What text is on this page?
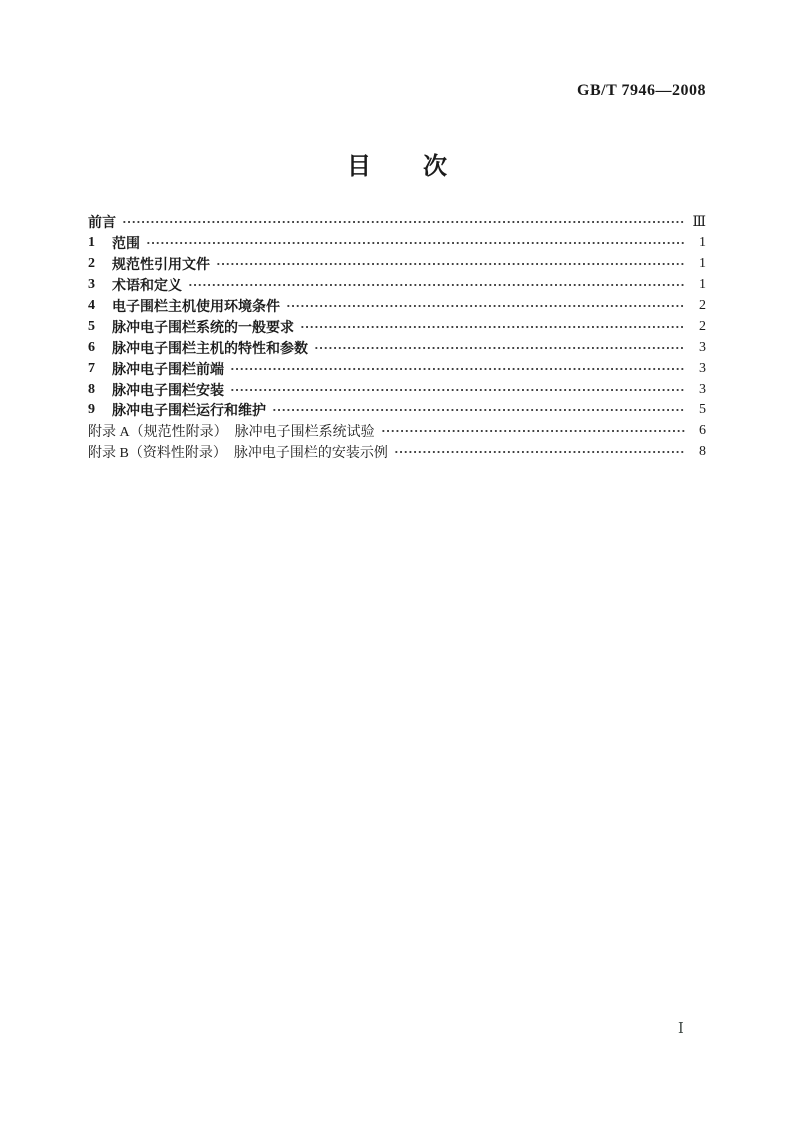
GB/T 7946—2008
目　次
前言	Ⅲ
1	范围	1
2	规范性引用文件	1
3	术语和定义	1
4	电子围栏主机使用环境条件	2
5	脉冲电子围栏系统的一般要求	2
6	脉冲电子围栏主机的特性和参数	3
7	脉冲电子围栏前端	3
8	脉冲电子围栏安装	3
9	脉冲电子围栏运行和维护	5
附录 A（规范性附录）　脉冲电子围栏系统试验	6
附录 B（资料性附录）　脉冲电子围栏的安装示例	8
Ⅰ
